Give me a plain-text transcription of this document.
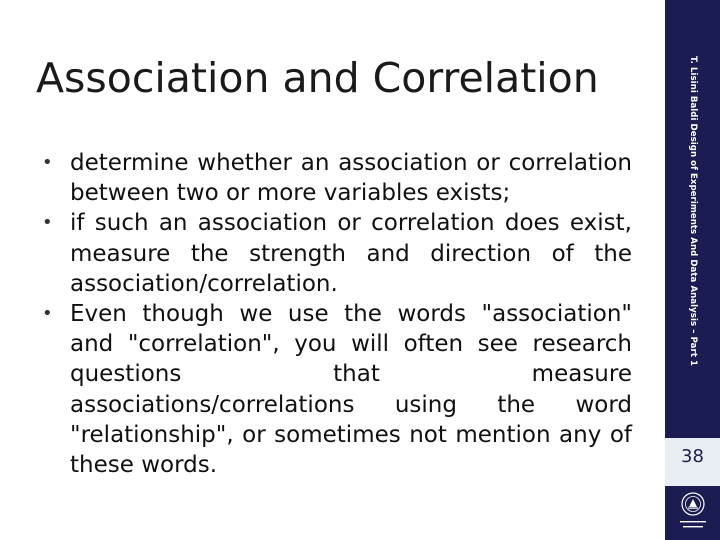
Association and Correlation
• determine whether an association or correlation between two or more variables exists;
• if such an association or correlation does exist, measure the strength and direction of the association/correlation.
• Even though we use the words "association" and "correlation", you will often see research questions that measure associations/correlations using the word "relationship", or sometimes not mention any of these words.
T. Lisini Baldi Design of Experiments And Data Analysis – Part 1
38
